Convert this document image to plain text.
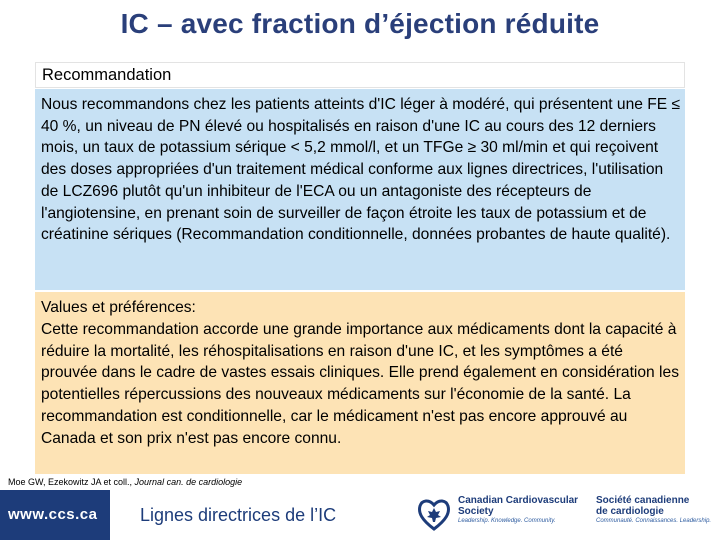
IC – avec fraction d’éjection réduite
Recommandation

Nous recommandons chez les patients atteints d'IC léger à modéré, qui présentent une FE ≤ 40 %, un niveau de PN élevé ou hospitalisés en raison d'une IC au cours des 12 derniers mois, un taux de potassium sérique < 5,2 mmol/l, et un TFGe ≥ 30 ml/min et qui reçoivent des doses appropriées d'un traitement médical conforme aux lignes directrices, l'utilisation de LCZ696 plutôt qu'un inhibiteur de l'ECA ou un antagoniste des récepteurs de l'angiotensine, en prenant soin de surveiller de façon étroite les taux de potassium et de créatinine sériques (Recommandation conditionnelle, données probantes de haute qualité).

Values et préférences:

Cette recommandation accorde une grande importance aux médicaments dont la capacité à réduire la mortalité, les réhospitalisations en raison d'une IC, et les symptômes a été prouvée dans le cadre de vastes essais cliniques. Elle prend également en considération les potentielles répercussions des nouveaux médicaments sur l'économie de la santé. La recommandation est conditionnelle, car le médicament n'est pas encore approuvé au Canada et son prix n'est pas encore connu.

Moe GW, Ezekowitz JA et coll., Journal can. de cardiologie
www.ccs.ca Lignes directrices de l’IC
Canadian Cardiovascular
Society
Leadership. Knowledge. Community.
Société canadienne
de cardiologie
Communauté. Connaissances. Leadership.
